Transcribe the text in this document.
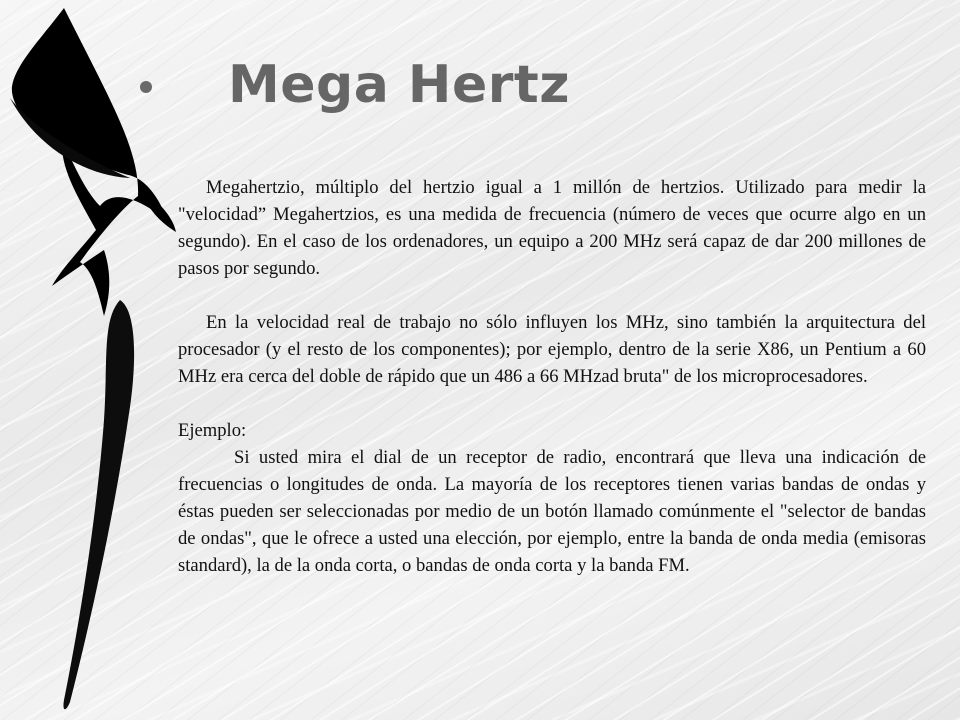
Mega Hertz

Megahertzio, múltiplo del hertzio igual a 1 millón de hertzios. Utilizado para medir la "velocidad” Megahertzios, es una medida de frecuencia (número de veces que ocurre algo en un segundo). En el caso de los ordenadores, un equipo a 200 MHz será capaz de dar 200 millones de pasos por segundo.

En la velocidad real de trabajo no sólo influyen los MHz, sino también la arquitectura del procesador (y el resto de los componentes); por ejemplo, dentro de la serie X86, un Pentium a 60 MHz era cerca del doble de rápido que un 486 a 66 MHzad bruta" de los microprocesadores.

Ejemplo:

Si usted mira el dial de un receptor de radio, encontrará que lleva una indicación de frecuencias o longitudes de onda. La mayoría de los receptores tienen varias bandas de ondas y éstas pueden ser seleccionadas por medio de un botón llamado comúnmente el "selector de bandas de ondas", que le ofrece a usted una elección, por ejemplo, entre la banda de onda media (emisoras standard), la de la onda corta, o bandas de onda corta y la banda FM.
